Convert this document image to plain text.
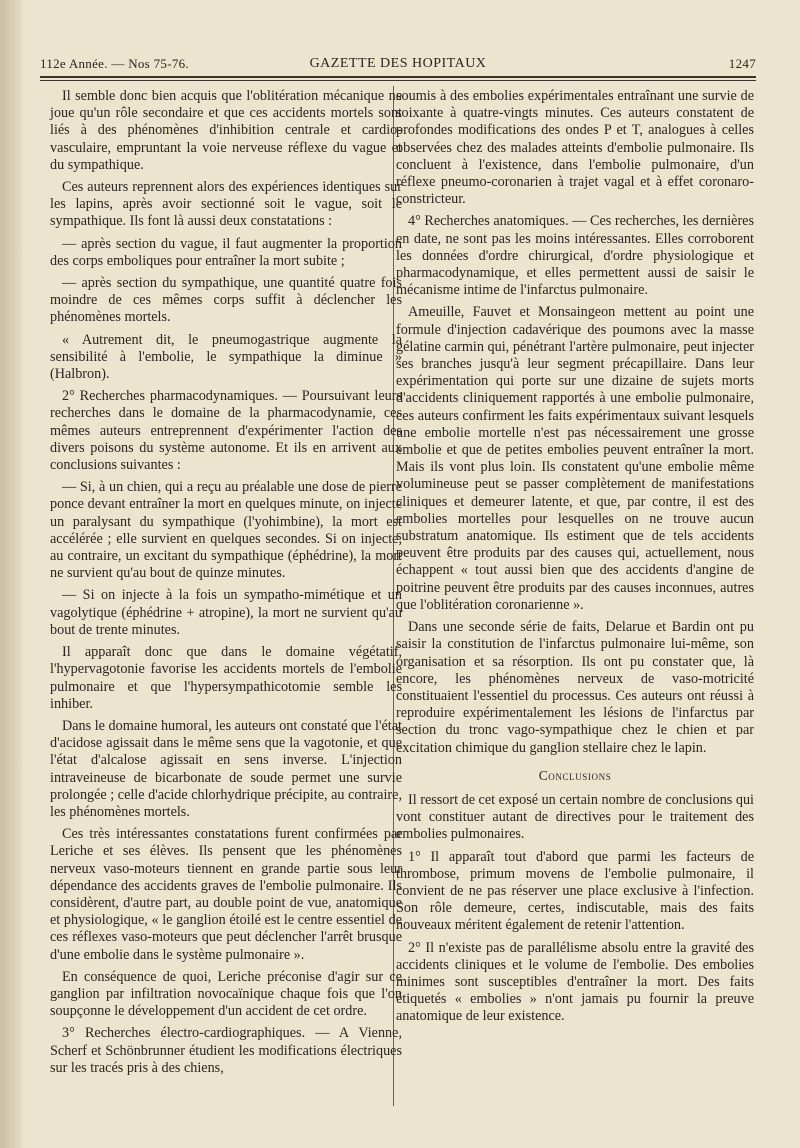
112e Année. — Nos 75-76.	GAZETTE DES HOPITAUX	1247

Il semble donc bien acquis que l'oblitération mécanique ne joue qu'un rôle secondaire et que ces accidents mortels sont liés à des phénomènes d'inhibition centrale et cardio-vasculaire, empruntant la voie nerveuse réflexe du vague et du sympathique.

Ces auteurs reprennent alors des expériences identiques sur les lapins, après avoir sectionné soit le vague, soit le sympathique. Ils font là aussi deux constatations :

— après section du vague, il faut augmenter la proportion des corps emboliques pour entraîner la mort subite ;

— après section du sympathique, une quantité quatre fois moindre de ces mêmes corps suffit à déclencher les phénomènes mortels.

« Autrement dit, le pneumogastrique augmente la sensibilité à l'embolie, le sympathique la diminue » (Halbron).

2° Recherches pharmacodynamiques. — Poursuivant leurs recherches dans le domaine de la pharmacodynamie, ces mêmes auteurs entreprennent d'expérimenter l'action des divers poisons du système autonome. Et ils en arrivent aux conclusions suivantes :

— Si, à un chien, qui a reçu au préalable une dose de pierre ponce devant entraîner la mort en quelques minute, on injecte un paralysant du sympathique (l'yohimbine), la mort est accélérée ; elle survient en quelques secondes. Si on injecte, au contraire, un excitant du sympathique (éphédrine), la mort ne survient qu'au bout de quinze minutes.

— Si on injecte à la fois un sympatho-mimétique et un vagolytique (éphédrine + atropine), la mort ne survient qu'au bout de trente minutes.

Il apparaît donc que dans le domaine végétatif, l'hypervagotonie favorise les accidents mortels de l'embolie pulmonaire et que l'hypersympathicotomie semble les inhiber.

Dans le domaine humoral, les auteurs ont constaté que l'état d'acidose agissait dans le même sens que la vagotonie, et que l'état d'alcalose agissait en sens inverse. L'injection intraveineuse de bicarbonate de soude permet une survie prolongée ; celle d'acide chlorhydrique précipite, au contraire, les phénomènes mortels.

Ces très intéressantes constatations furent confirmées par Leriche et ses élèves. Ils pensent que les phénomènes nerveux vaso-moteurs tiennent en grande partie sous leur dépendance des accidents graves de l'embolie pulmonaire. Ils considèrent, d'autre part, au double point de vue, anatomique et physiologique, « le ganglion étoilé est le centre essentiel de ces réflexes vaso-moteurs que peut déclencher l'arrêt brusque d'une embolie dans le système pulmonaire ».

En conséquence de quoi, Leriche préconise d'agir sur ce ganglion par infiltration novocaïnique chaque fois que l'on soupçonne le développement d'un accident de cet ordre.

3° Recherches électro-cardiographiques. — A Vienne, Scherf et Schönbrunner étudient les modifications électriques sur les tracés pris à des chiens,

soumis à des embolies expérimentales entraînant une survie de soixante à quatre-vingts minutes. Ces auteurs constatent de profondes modifications des ondes P et T, analogues à celles observées chez des malades atteints d'embolie pulmonaire. Ils concluent à l'existence, dans l'embolie pulmonaire, d'un réflexe pneumo-coronarien à trajet vagal et à effet coronaro-constricteur.

4° Recherches anatomiques. — Ces recherches, les dernières en date, ne sont pas les moins intéressantes. Elles corroborent les données d'ordre chirurgical, d'ordre physiologique et pharmacodynamique, et elles permettent aussi de saisir le mécanisme intime de l'infarctus pulmonaire.

Ameuille, Fauvet et Monsaingeon mettent au point une formule d'injection cadavérique des poumons avec la masse gélatine carmin qui, pénétrant l'artère pulmonaire, peut injecter ses branches jusqu'à leur segment précapillaire. Dans leur expérimentation qui porte sur une dizaine de sujets morts d'accidents cliniquement rapportés à une embolie pulmonaire, ces auteurs confirment les faits expérimentaux suivant lesquels une embolie mortelle n'est pas nécessairement une grosse embolie et que de petites embolies peuvent entraîner la mort. Mais ils vont plus loin. Ils constatent qu'une embolie même volumineuse peut se passer complètement de manifestations cliniques et demeurer latente, et que, par contre, il est des embolies mortelles pour lesquelles on ne trouve aucun substratum anatomique. Ils estiment que de tels accidents peuvent être produits par des causes qui, actuellement, nous échappent « tout aussi bien que des accidents d'angine de poitrine peuvent être produits par des causes inconnues, autres que l'oblitération coronarienne ».

Dans une seconde série de faits, Delarue et Bardin ont pu saisir la constitution de l'infarctus pulmonaire lui-même, son organisation et sa résorption. Ils ont pu constater que, là encore, les phénomènes nerveux de vaso-motricité constituaient l'essentiel du processus. Ces auteurs ont réussi à reproduire expérimentalement les lésions de l'infarctus par section du tronc vago-sympathique chez le chien et par excitation chimique du ganglion stellaire chez le lapin.

Conclusions

Il ressort de cet exposé un certain nombre de conclusions qui vont constituer autant de directives pour le traitement des embolies pulmonaires.

1° Il apparaît tout d'abord que parmi les facteurs de thrombose, primum movens de l'embolie pulmonaire, il convient de ne pas réserver une place exclusive à l'infection. Son rôle demeure, certes, indiscutable, mais des faits nouveaux méritent également de retenir l'attention.

2° Il n'existe pas de parallélisme absolu entre la gravité des accidents cliniques et le volume de l'embolie. Des embolies minimes sont susceptibles d'entraîner la mort. Des faits étiquetés « embolies » n'ont jamais pu fournir la preuve anatomique de leur existence.
